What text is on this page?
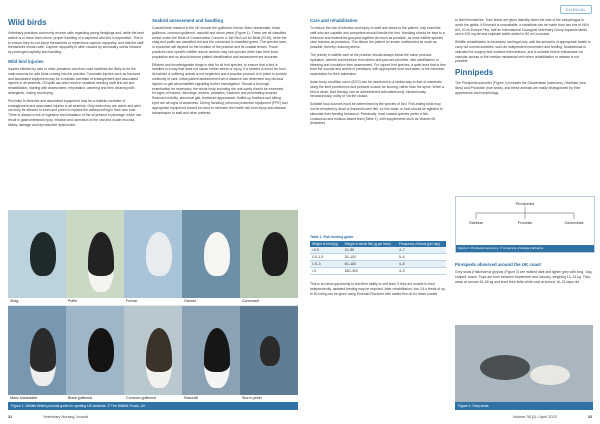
CLINICAL
Wild birds

Veterinary practices commonly receive calls regarding young fledglings and, while the best advice is to leave them alone, proper handling of a captured wild bird is imperative. This is to ensure they do not injure themselves or experience capture myopathy, and that the staff themselves remain safe. Capture myopathy is often caused by secondary stress induced by prolonged captivity and handling.

Wild bird injuries

Injuries inflicted by cats or other predators and from road incidents are likely to be the main reasons for wild birds coming into the practice. Traumatic injuries such as fractures and associated equipment may be a realistic correlate of entanglement and associated injuries in all seabirds. Oil spills can also result in seabirds needing swift first aid and rehabilitation, starting with assessment, rehydration, warming and then cleaning with detergents, rinsing and drying.

Proximity to fisheries and associated equipment may be a realistic correlate of entanglement and associated injuries in all seabirds. Only when they are active and alert can they be allowed to swim and preen to replace the waterproofing in their own coat. There is always a risk of ingestion and inhalation of the oil present in plumage, which can result in gastrointestinal injury, irritation and ulceration of the oral and ocular mucosa, kidney damage and reproductive dysfunction.

Seabird assessment and handling

Coastal birds resident in the UK include the guillemot, fulmar, Manx shearwater, black guillemot, common guillemot, razorbill and storm petrel (Figure 1). These are all classified amber under the Birds of Conservation Concern 4: the Red List for Birds (2015), while the shag and puffin are classified red and the cormorant is classified green. The species seen in a practice will depend on the location of the practice and its coastal terrain. Those practices near specific wildlife rescue centres may see species other than their local population and so should ensure patient identification and assessment are accurate.

Efficient and knowledgeable triage is vital for all bird species, to ensure that a bird is handled in a way that does not cause further stress or injury. If a seabird is found far from its habitat, a suffering animal is not neglected and a practice protocol is in place to provide continuity of care. Initial patient assessment from a distance can determine any obvious injuries or gait abnormalities signalling further investigation. Should a thorough examination be necessary, the whole body including the oral cavity should be examined for signs of trauma, discharge, lesions, parasites, fractures and penetrating wounds. Reduced mobility, abnormal gait, feathered appearance, fluffed-up feathers and sitting eyes are all signs of weakness. During handling, personal protective equipment (PPE) and appropriate equipment should be used to minimise the health risk from injury and disease transmission to staff and other patients.

Shag	Puffin	Fulmar	Gannet	Cormorant
Manx shearwater	Black guillemot	Common guillemot	Razorbill	Storm petrel
Figure 1. Wildlife British pictorial guide for spotting UK seabirds. © The Wildlife Trusts, UK
Care and rehabilitation

To reduce the risk of infection and injury to staff and stress to the patient, only essential staff who are capable and competent should handle the bird. Handling should be kept to a minimum and treatments grouped together as much as possible, as most wildlife species view humans as predators. This allows the patient to remain undisturbed as much as possible, thereby reducing stress.

The priority in wildlife care at the practice should always follow the same protocol: hydration, warmth and freedom from stress and pain are priorities, with stabilisation of bleeding and circulation then assessment. For injured bird species, a quiet area that is free from the sounds and smells of predators, with appropriate food and water, is the minimum expectation for their admission.

Avian body condition score (BCS) can be monitored in a similar way to that of mammals, using the keel prominence and pectoral muscle for scoring, rather than the spine. When a bird is weak, fluid therapy can be administered subcutaneously, intravenously, intraosseously, orally or via the cloaca.

Suitable food sources must be determined by the species of bird. Fish-eating birds may not be tempted by dead or thawed frozen fish, so live water or food should be agitated to stimulate their feeding behaviour. Practically, most coastal species prefer a fish, crustacean and mollusc-based feed (Table 1), with supplements such as Vitamin B1 (thiamine).

Table 1. Fish feeding guide
Weight of bird (kg)	Weight of whole fish (g per feed)	Frequency of feeds (per day)
<0.5	10–85	4–7
0.5–1.5	25–100	5–6
1.5–3	60–180	4–5
>3	180–300	4–5

This is an ideal opportunity to test their ability to self-feed. If they are unable to feed independently, assisted feeding may be required. After rehabilitation, four 24-h feeds of up to 50 ml/kg can be given using Emeraid Piscivore with added fish oil for those unable

to feed themselves. Tube feeds are given laterally down the side of the oesophagus to avoid the glottis. If Emeraid is unavailable, a substitute can be made from two tins of Hill's a/d, 10 ml Ensure Plus, half an International Zoological Veterinary Group Aquavits tablet, and a 200 mg ferrous sulphate tablet added to 50 ml Lucozade.

Wildlife rehabilitation is necessary and legal only until the animal is of appropriate health to carry out normal activities, such as independent movement and feeding. Anaesthesia is indicated for surgery and invasive interventions, and is suitable before euthanasia via vascular access or the median metatarsal vein when rehabilitation or release is not possible.

Pinnipeds

The Pinnipedia suborder (Figure 2) includes the Odobenidae (walruses), Otariidae (sea lions) and Phocidae (true seals), and these animals are easily distinguished by their appearance and morphology.

Pinnipedia
Otariidae	Phocidae	Odobenidae
Figure 2. Pinnipedia taxonomy. © University of Alaska Fairbanks
Pinnipeds observed around the UK coast

Grey seals (Halichoerus grypus) (Figure 3) are mottled dark and lighter grey with long, 'dog-shaped' noses. Pups are born between September and January, weighing 13–14 kg. They wean at around 40–50 kg and shed their fluffy white coat at around 16–21 days old.

Figure 3. Grey seals
32	Veterinary Nursing Journal	Volume 38 (2) • April 2023	33
